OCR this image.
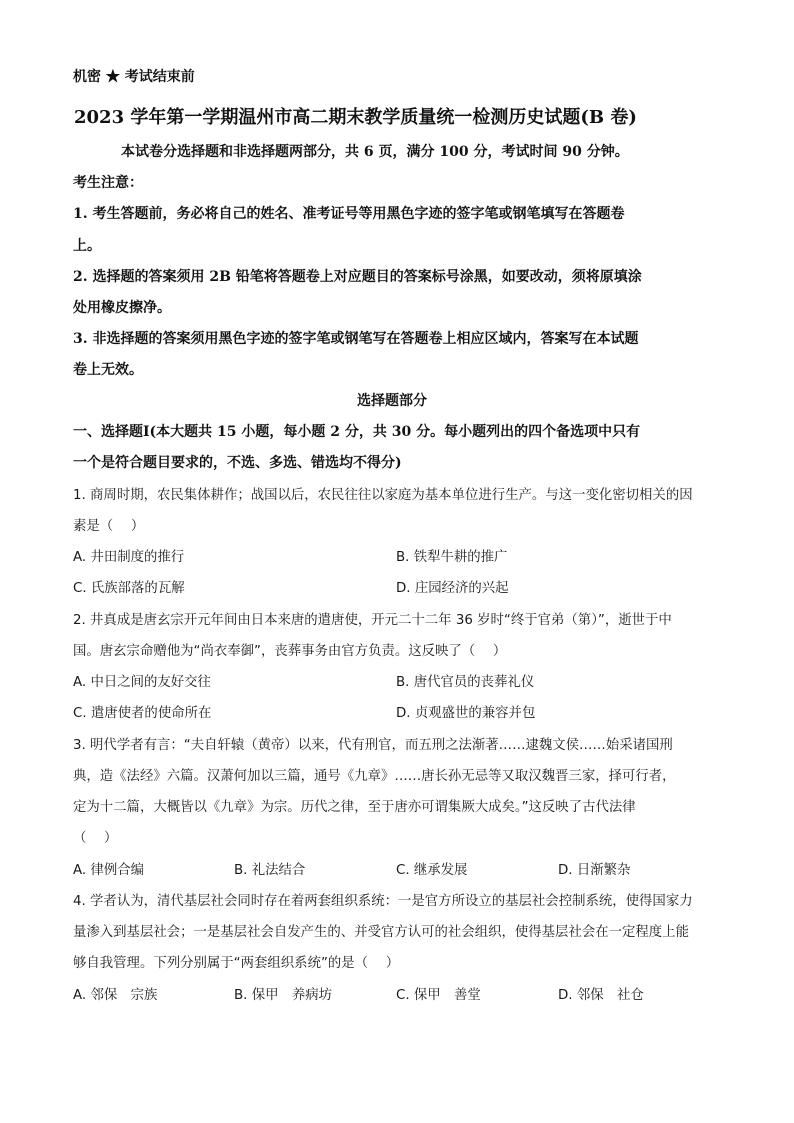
机密 ★ 考试结束前
2023 学年第一学期温州市高二期末教学质量统一检测历史试题(B 卷)
本试卷分选择题和非选择题两部分，共 6 页，满分 100 分，考试时间 90 分钟。
考生注意：
1. 考生答题前，务必将自己的姓名、准考证号等用黑色字迹的签字笔或钢笔填写在答题卷
上。
2. 选择题的答案须用 2B 铅笔将答题卷上对应题目的答案标号涂黑，如要改动，须将原填涂
处用橡皮擦净。
3. 非选择题的答案须用黑色字迹的签字笔或钢笔写在答题卷上相应区域内，答案写在本试题
卷上无效。
选择题部分
一、选择题Ⅰ(本大题共 15 小题，每小题 2 分，共 30 分。每小题列出的四个备选项中只有
一个是符合题目要求的，不选、多选、错选均不得分)
1. 商周时期，农民集体耕作；战国以后，农民往往以家庭为基本单位进行生产。与这一变化密切相关的因
素是（　 ）
A. 井田制度的推行	B. 铁犁牛耕的推广
C. 氏族部落的瓦解	D. 庄园经济的兴起
2. 井真成是唐玄宗开元年间由日本来唐的遣唐使，开元二十二年 36 岁时“终于官弟（第）”，逝世于中
国。唐玄宗命赠他为“尚衣奉御”，丧葬事务由官方负责。这反映了（　 ）
A. 中日之间的友好交往	B. 唐代官员的丧葬礼仪
C. 遣唐使者的使命所在	D. 贞观盛世的兼容并包
3. 明代学者有言：“夫自轩辕（黄帝）以来，代有刑官，而五刑之法渐著……逮魏文侯……始采诸国刑
典，造《法经》六篇。汉萧何加以三篇，通号《九章》……唐长孙无忌等又取汉魏晋三家，择可行者，
定为十二篇，大概皆以《九章》为宗。历代之律，至于唐亦可谓集厥大成矣。”这反映了古代法律
（　 ）
A. 律例合编	B. 礼法结合	C. 继承发展	D. 日渐繁杂
4. 学者认为，清代基层社会同时存在着两套组织系统：一是官方所设立的基层社会控制系统，使得国家力
量渗入到基层社会；一是基层社会自发产生的、并受官方认可的社会组织，使得基层社会在一定程度上能
够自我管理。下列分别属于“两套组织系统”的是（　 ）
A. 邻保　宗族	B. 保甲　养病坊	C. 保甲　善堂	D. 邻保　社仓
